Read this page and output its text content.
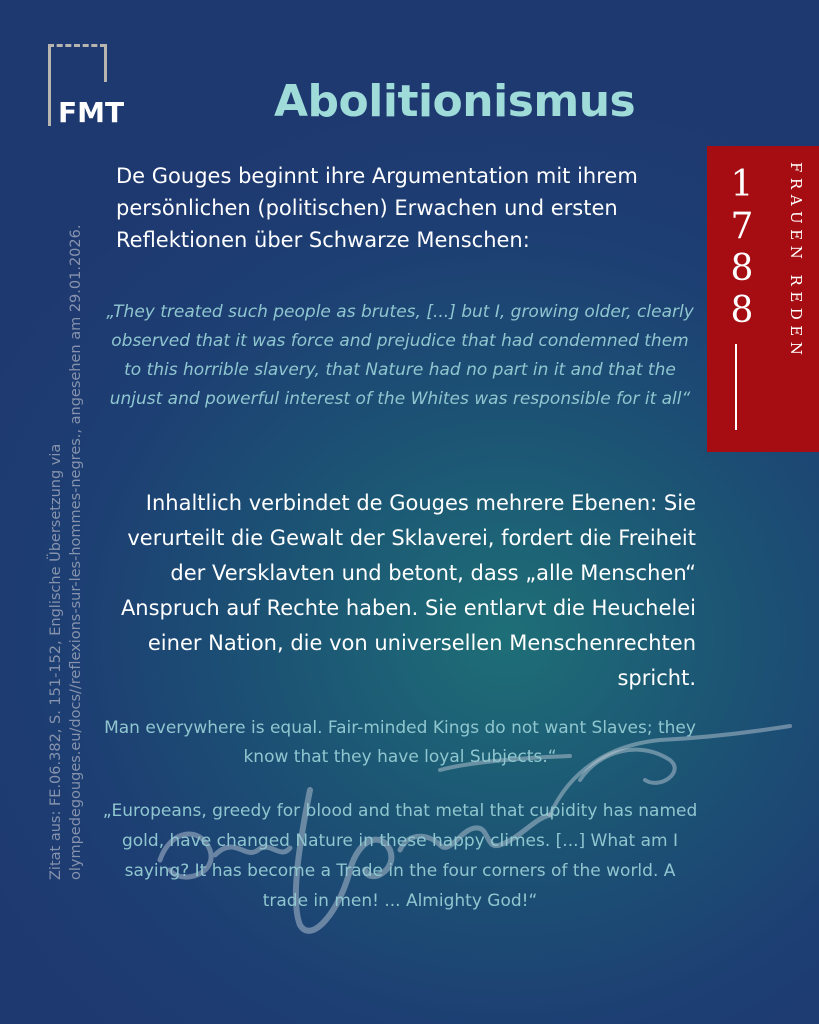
FMT	Abolitionismus
Zitat aus: FE.06.382, S. 151-152, Englische Übersetzung via olympedegouges.eu/docs//reflexions-sur-les-hommes-negres., angesehen am 29.01.2026.
1
7
8
8	FRAUEN REDEN
De Gouges beginnt ihre Argumentation mit ihrem persönlichen (politischen) Erwachen und ersten Reflektionen über Schwarze Menschen:
„They treated such people as brutes, [...] but I, growing older, clearly observed that it was force and prejudice that had condemned them to this horrible slavery, that Nature had no part in it and that the unjust and powerful interest of the Whites was responsible for it all“
Inhaltlich verbindet de Gouges mehrere Ebenen: Sie verurteilt die Gewalt der Sklaverei, fordert die Freiheit der Versklavten und betont, dass „alle Menschen“ Anspruch auf Rechte haben. Sie entlarvt die Heuchelei einer Nation, die von universellen Menschenrechten spricht.
Man everywhere is equal. Fair-minded Kings do not want Slaves; they know that they have loyal Subjects.“
„Europeans, greedy for blood and that metal that cupidity has named gold, have changed Nature in these happy climes. [...] What am I saying? It has become a Trade in the four corners of the world. A trade in men! ... Almighty God!“
